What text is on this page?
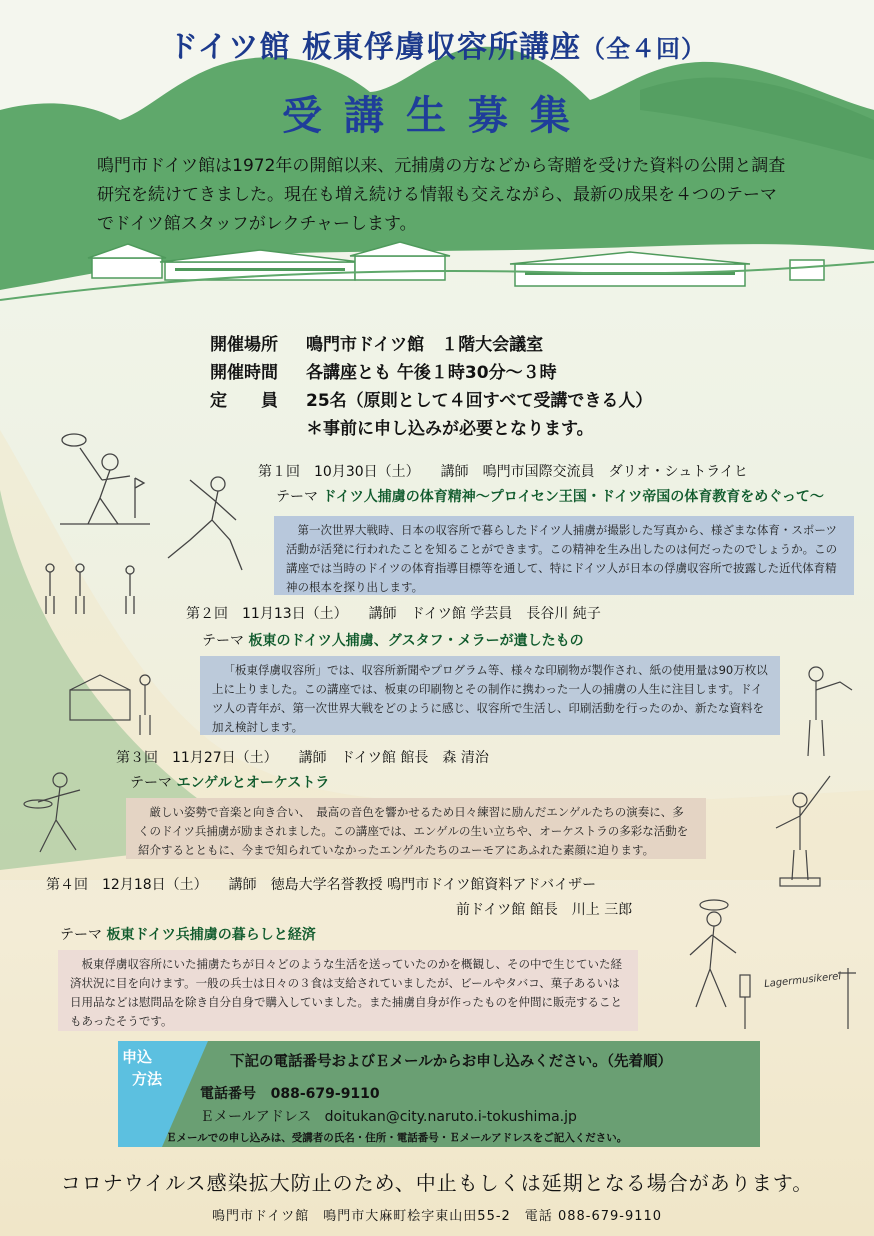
ドイツ館 板東俘虜収容所講座（全４回）
受講生募集
鳴門市ドイツ館は1972年の開館以来、元捕虜の方などから寄贈を受けた資料の公開と調査研究を続けてきました。現在も増え続ける情報も交えながら、最新の成果を４つのテーマでドイツ館スタッフがレクチャーします。
開催場所 鳴門市ドイツ館　１階大会議室
開催時間 各講座とも 午後１時30分～３時
定　　員 25名（原則として４回すべて受講できる人）
＊事前に申し込みが必要となります。
第１回　10月30日（土）　　講師　鳴門市国際交流員　ダリオ・シュトライヒ
テーマ ドイツ人捕虜の体育精神～プロイセン王国・ドイツ帝国の体育教育をめぐって～
第一次世界大戦時、日本の収容所で暮らしたドイツ人捕虜が撮影した写真から、様ざまな体育・スポーツ活動が活発に行われたことを知ることができます。この精神を生み出したのは何だったのでしょうか。この講座では当時のドイツの体育指導目標等を通して、特にドイツ人が日本の俘虜収容所で披露した近代体育精神の根本を探り出します。
第２回　11月13日（土）　　講師　ドイツ館 学芸員　長谷川 純子
テーマ 板東のドイツ人捕虜、グスタフ・メラーが遺したもの
「板東俘虜収容所」では、収容所新聞やプログラム等、様々な印刷物が製作され、紙の使用量は90万枚以上に上りました。この講座では、板東の印刷物とその制作に携わった一人の捕虜の人生に注目します。ドイツ人の青年が、第一次世界大戦をどのように感じ、収容所で生活し、印刷活動を行ったのか、新たな資料を加え検討します。
第３回　11月27日（土）　　講師　ドイツ館 館長　森 清治
テーマ エンゲルとオーケストラ
厳しい姿勢で音楽と向き合い、　最高の音色を響かせるため日々練習に励んだエンゲルたちの演奏に、多くのドイツ兵捕虜が励まされました。この講座では、エンゲルの生い立ちや、オーケストラの多彩な活動を紹介するとともに、今まで知られていなかったエンゲルたちのユーモアにあふれた素顔に迫ります。
第４回　12月18日（土）　　講師　徳島大学名誉教授 鳴門市ドイツ館資料アドバイザー
前ドイツ館 館長　川上 三郎
テーマ 板東ドイツ兵捕虜の暮らしと経済
板東俘虜収容所にいた捕虜たちが日々どのような生活を送っていたのかを概観し、その中で生じていた経済状況に目を向けます。一般の兵士は日々の３食は支給されていましたが、ビールやタバコ、菓子あるいは日用品などは慰問品を除き自分自身で購入していました。また捕虜自身が作ったものを仲間に販売することもあったそうです。
Lagermusikerei
申込
方法
下記の電話番号およびＥメールからお申し込みください。（先着順）
電話番号 088-679-9110
Ｅメールアドレス doitukan@city.naruto.i-tokushima.jp
Ｅメールでの申し込みは、受講者の氏名・住所・電話番号・Ｅメールアドレスをご記入ください。
コロナウイルス感染拡大防止のため、中止もしくは延期となる場合があります。
鳴門市ドイツ館　鳴門市大麻町桧字東山田55-2　電話 088-679-9110
